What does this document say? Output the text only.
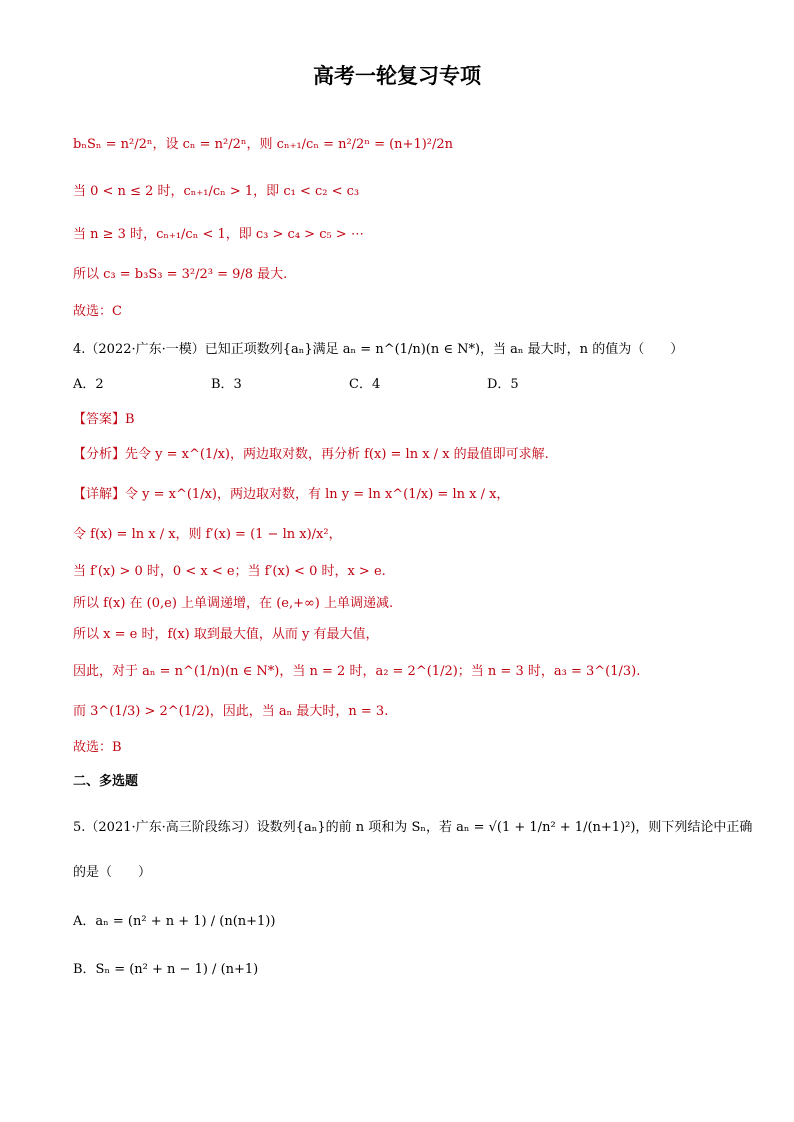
高考一轮复习专项
bₙSₙ = n²/2ⁿ，设 cₙ = n²/2ⁿ，则 cₙ₊₁/cₙ = n²/2ⁿ = (n+1)²/2n
当 0 < n ≤ 2 时，cₙ₊₁/cₙ > 1，即 c₁ < c₂ < c₃
当 n ≥ 3 时，cₙ₊₁/cₙ < 1，即 c₃ > c₄ > c₅ > ⋯
所以 c₃ = b₃S₃ = 3²/2³ = 9/8 最大.
故选：C
4.（2022·广东·一模）已知正项数列{aₙ}满足 aₙ = n^(1/n)(n ∈ N*)，当 aₙ 最大时，n 的值为（　　）
A．2	B．3	C．4	D．5
【答案】B
【分析】先令 y = x^(1/x)，两边取对数，再分析 f(x) = ln x / x 的最值即可求解.
【详解】令 y = x^(1/x)，两边取对数，有 ln y = ln x^(1/x) = ln x / x，
令 f(x) = ln x / x，则 f′(x) = (1 − ln x)/x²，
当 f′(x) > 0 时，0 < x < e；当 f′(x) < 0 时，x > e.
所以 f(x) 在 (0,e) 上单调递增，在 (e,+∞) 上单调递减.
所以 x = e 时，f(x) 取到最大值，从而 y 有最大值，
因此，对于 aₙ = n^(1/n)(n ∈ N*)，当 n = 2 时，a₂ = 2^(1/2)；当 n = 3 时，a₃ = 3^(1/3).
而 3^(1/3) > 2^(1/2)，因此，当 aₙ 最大时，n = 3.
故选：B
二、多选题
5.（2021·广东·高三阶段练习）设数列{aₙ}的前 n 项和为 Sₙ，若 aₙ = √(1 + 1/n² + 1/(n+1)²)，则下列结论中正确
的是（　　）
A．aₙ = (n² + n + 1) / (n(n+1))
B．Sₙ = (n² + n − 1) / (n+1)
